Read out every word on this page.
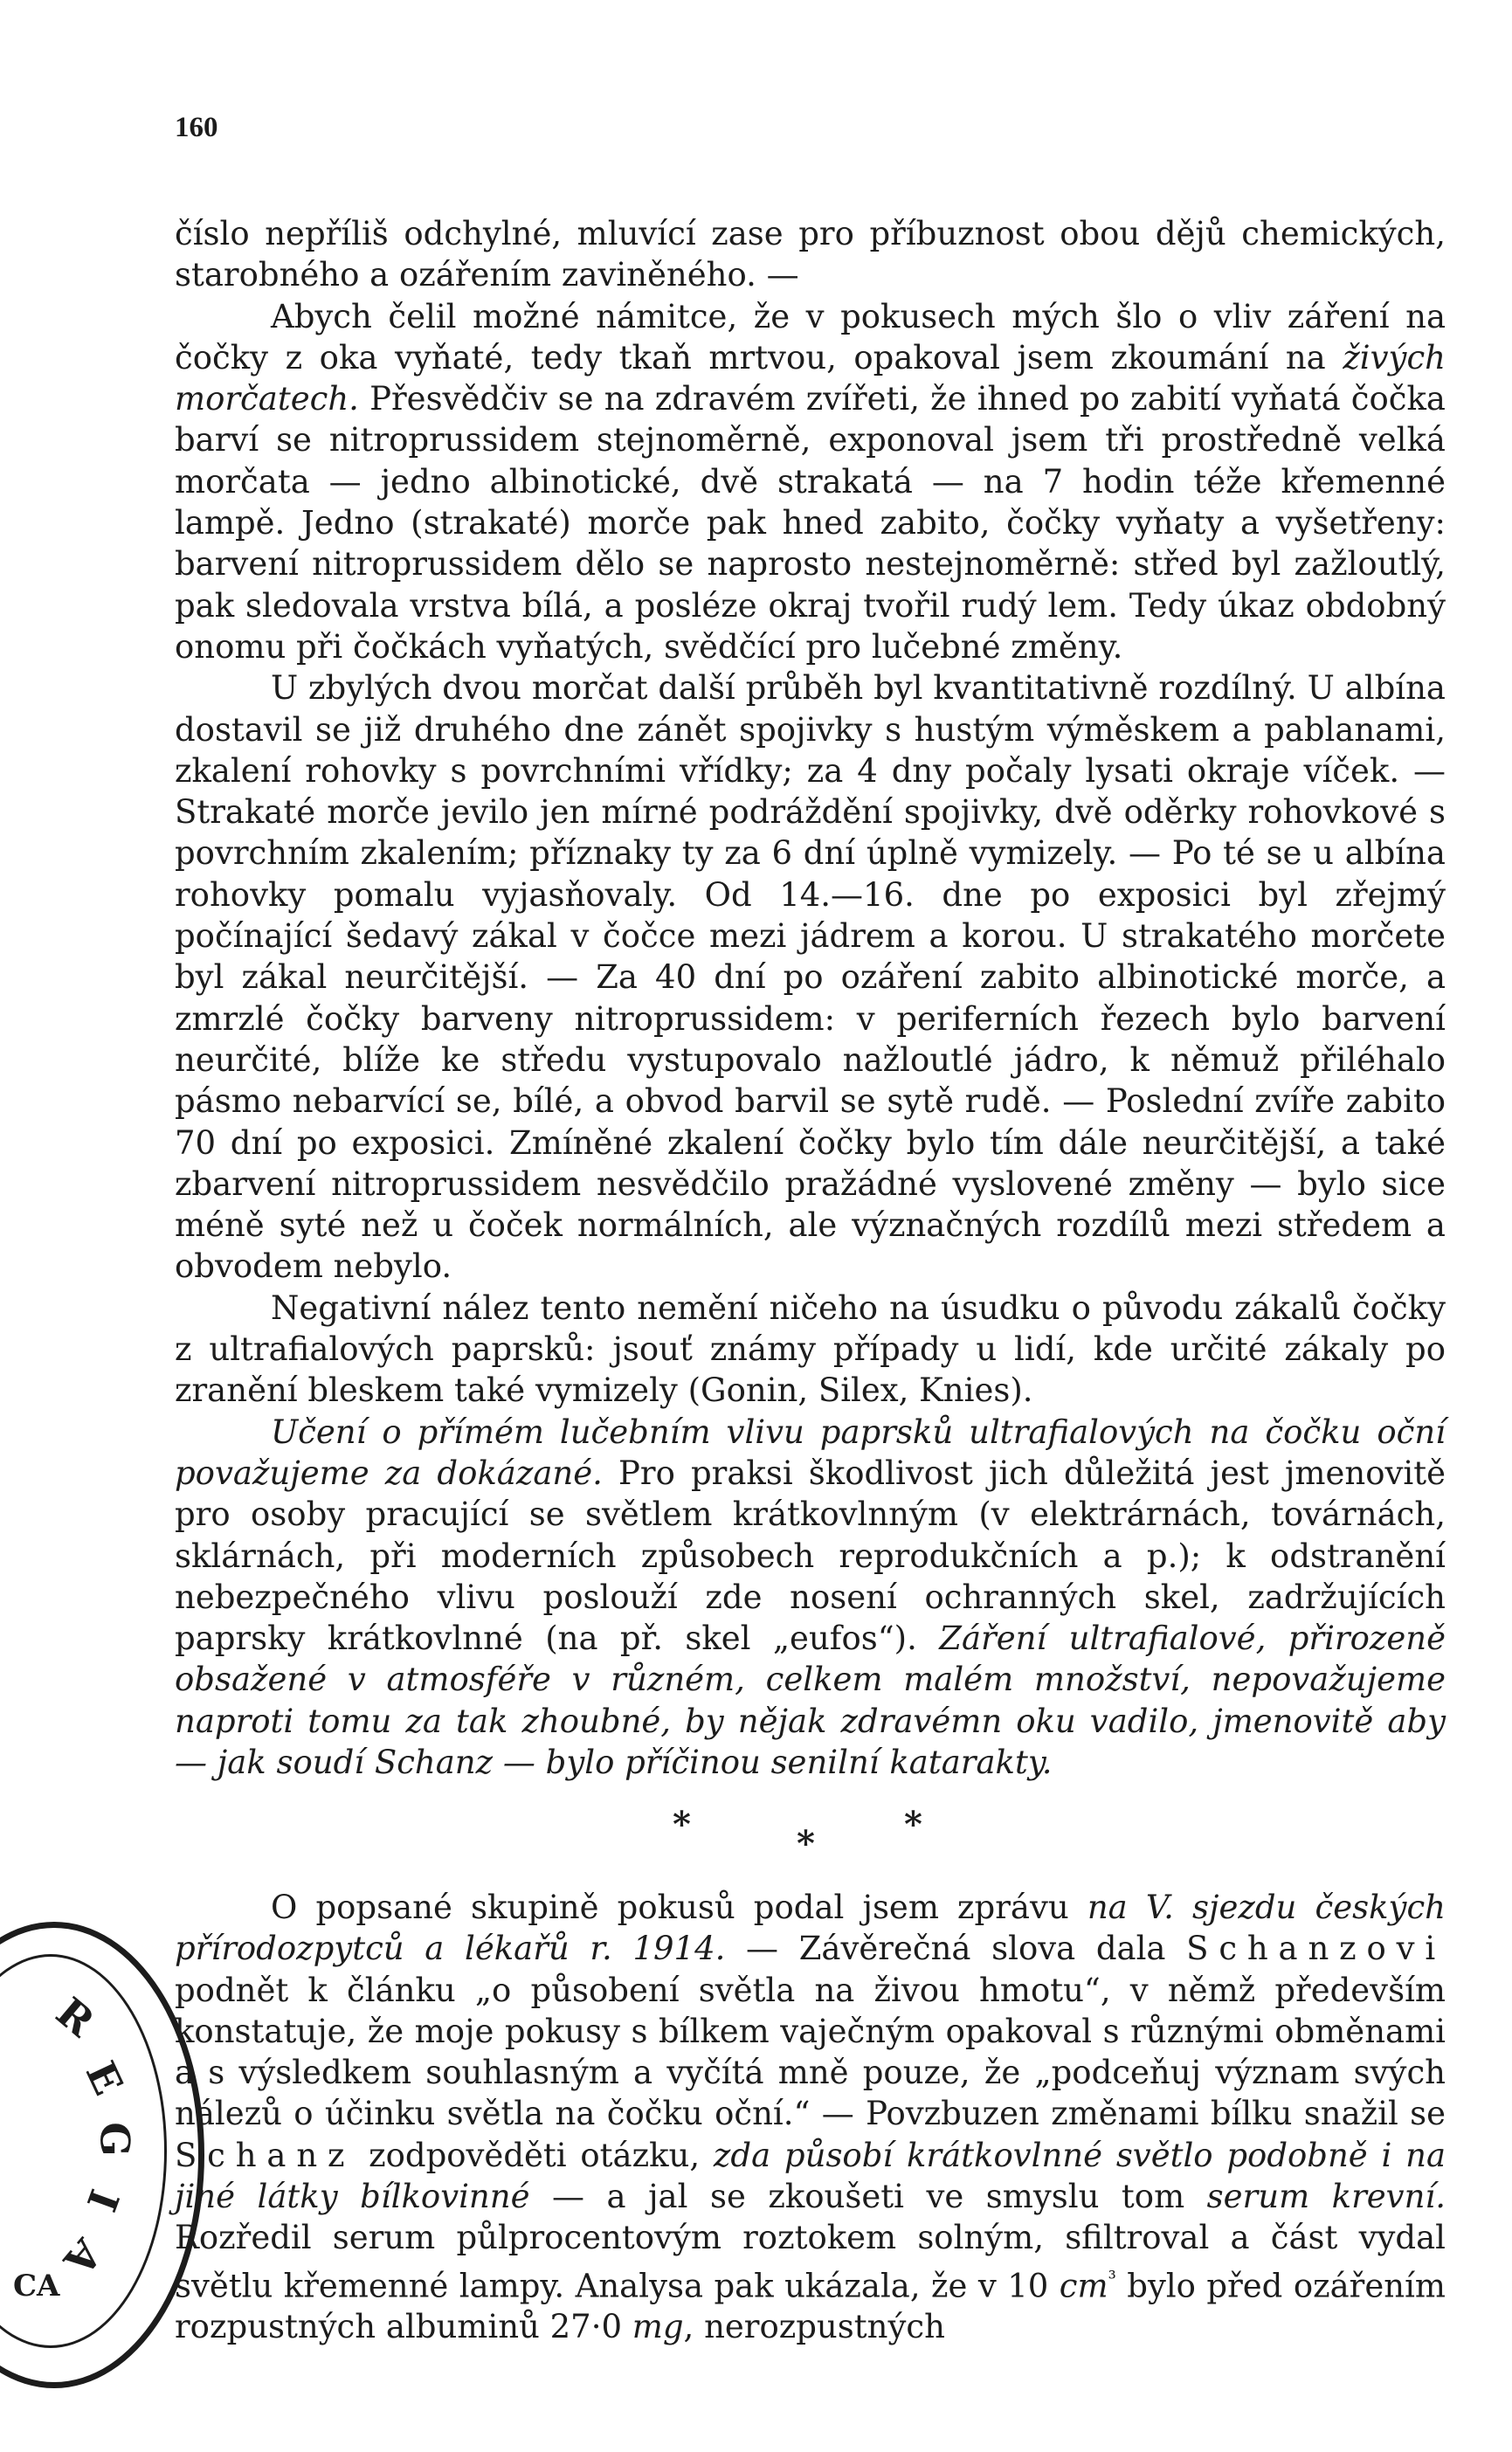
160

číslo nepříliš odchylné, mluvící zase pro příbuznost obou dějů chemických, starobného a ozářením zaviněného. —

Abych čelil možné námitce, že v pokusech mých šlo o vliv záření na čočky z oka vyňaté, tedy tkaň mrtvou, opakoval jsem zkoumání na živých morčatech. Přesvědčiv se na zdravém zvířeti, že ihned po zabití vyňatá čočka barví se nitroprussidem stejnoměrně, exponoval jsem tři prostředně velká morčata — jedno albinotické, dvě strakatá — na 7 hodin téže křemenné lampě. Jedno (strakaté) morče pak hned zabito, čočky vyňaty a vyšetřeny: barvení nitroprussidem dělo se naprosto nestejnoměrně: střed byl zažloutlý, pak sledovala vrstva bílá, a posléze okraj tvořil rudý lem. Tedy úkaz obdobný onomu při čočkách vyňatých, svědčící pro lučebné změny.

U zbylých dvou morčat další průběh byl kvantitativně rozdílný. U albína dostavil se již druhého dne zánět spojivky s hustým výměskem a pablanami, zkalení rohovky s povrchními vřídky; za 4 dny počaly lysati okraje víček. — Strakaté morče jevilo jen mírné podráždění spojivky, dvě oděrky rohovkové s povrchním zkalením; příznaky ty za 6 dní úplně vymizely. — Po té se u albína rohovky pomalu vyjasňovaly. Od 14.—16. dne po exposici byl zřejmý počínající šedavý zákal v čočce mezi jádrem a korou. U strakatého morčete byl zákal neurčitější. — Za 40 dní po ozáření zabito albinotické morče, a zmrzlé čočky barveny nitroprussidem: v periferních řezech bylo barvení neurčité, blíže ke středu vystupovalo nažloutlé jádro, k němuž přiléhalo pásmo nebarvící se, bílé, a obvod barvil se sytě rudě. — Poslední zvíře zabito 70 dní po exposici. Zmíněné zkalení čočky bylo tím dále neurčitější, a také zbarvení nitroprussidem nesvědčilo pražádné vyslovené změny — bylo sice méně syté než u čoček normálních, ale význačných rozdílů mezi středem a obvodem nebylo.

Negativní nález tento nemění ničeho na úsudku o původu zákalů čočky z ultrafialových paprsků: jsouť známy případy u lidí, kde určité zákaly po zranění bleskem také vymizely (Gonin, Silex, Knies).

Učení o přímém lučebním vlivu paprsků ultrafialových na čočku oční považujeme za dokázané. Pro praksi škodlivost jich důležitá jest jmenovitě pro osoby pracující se světlem krátkovlnným (v elektrárnách, továrnách, sklárnách, při moderních způsobech reprodukčních a p.); k odstranění nebezpečného vlivu poslouží zde nosení ochranných skel, zadržujících paprsky krátkovlnné (na př. skel „eufos“). Záření ultrafialové, přirozeně obsažené v atmosféře v různém, celkem malém množství, nepovažujeme naproti tomu za tak zhoubné, by nějak zdravémn oku vadilo, jmenovitě aby — jak soudí Schanz — bylo příčinou senilní katarakty.

*	*	*

O popsané skupině pokusů podal jsem zprávu na V. sjezdu českých přírodozpytců a lékařů r. 1914. — Závěrečná slova dala Schanzovi podnět k článku „o působení světla na živou hmotu“, v němž především konstatuje, že moje pokusy s bílkem vaječným opakoval s různými obměnami a s výsledkem souhlasným a vyčítá mně pouze, že „podceňuj význam svých nálezů o účinku světla na čočku oční.“ — Povzbuzen změnami bílku snažil se Schanz zodpověděti otázku, zda působí krátkovlnné světlo podobně i na jiné látky bílkovinné — a jal se zkoušeti ve smyslu tom serum krevní. Rozředil serum půlprocentovým roztokem solným, sfiltroval a část vydal světlu křemenné lampy. Analysa pak ukázala, že v 10 $cm^{^3}$ bylo před ozářením rozpustných albuminů 27·0 mg, nerozpustných

R
E
G
I
A
CA
